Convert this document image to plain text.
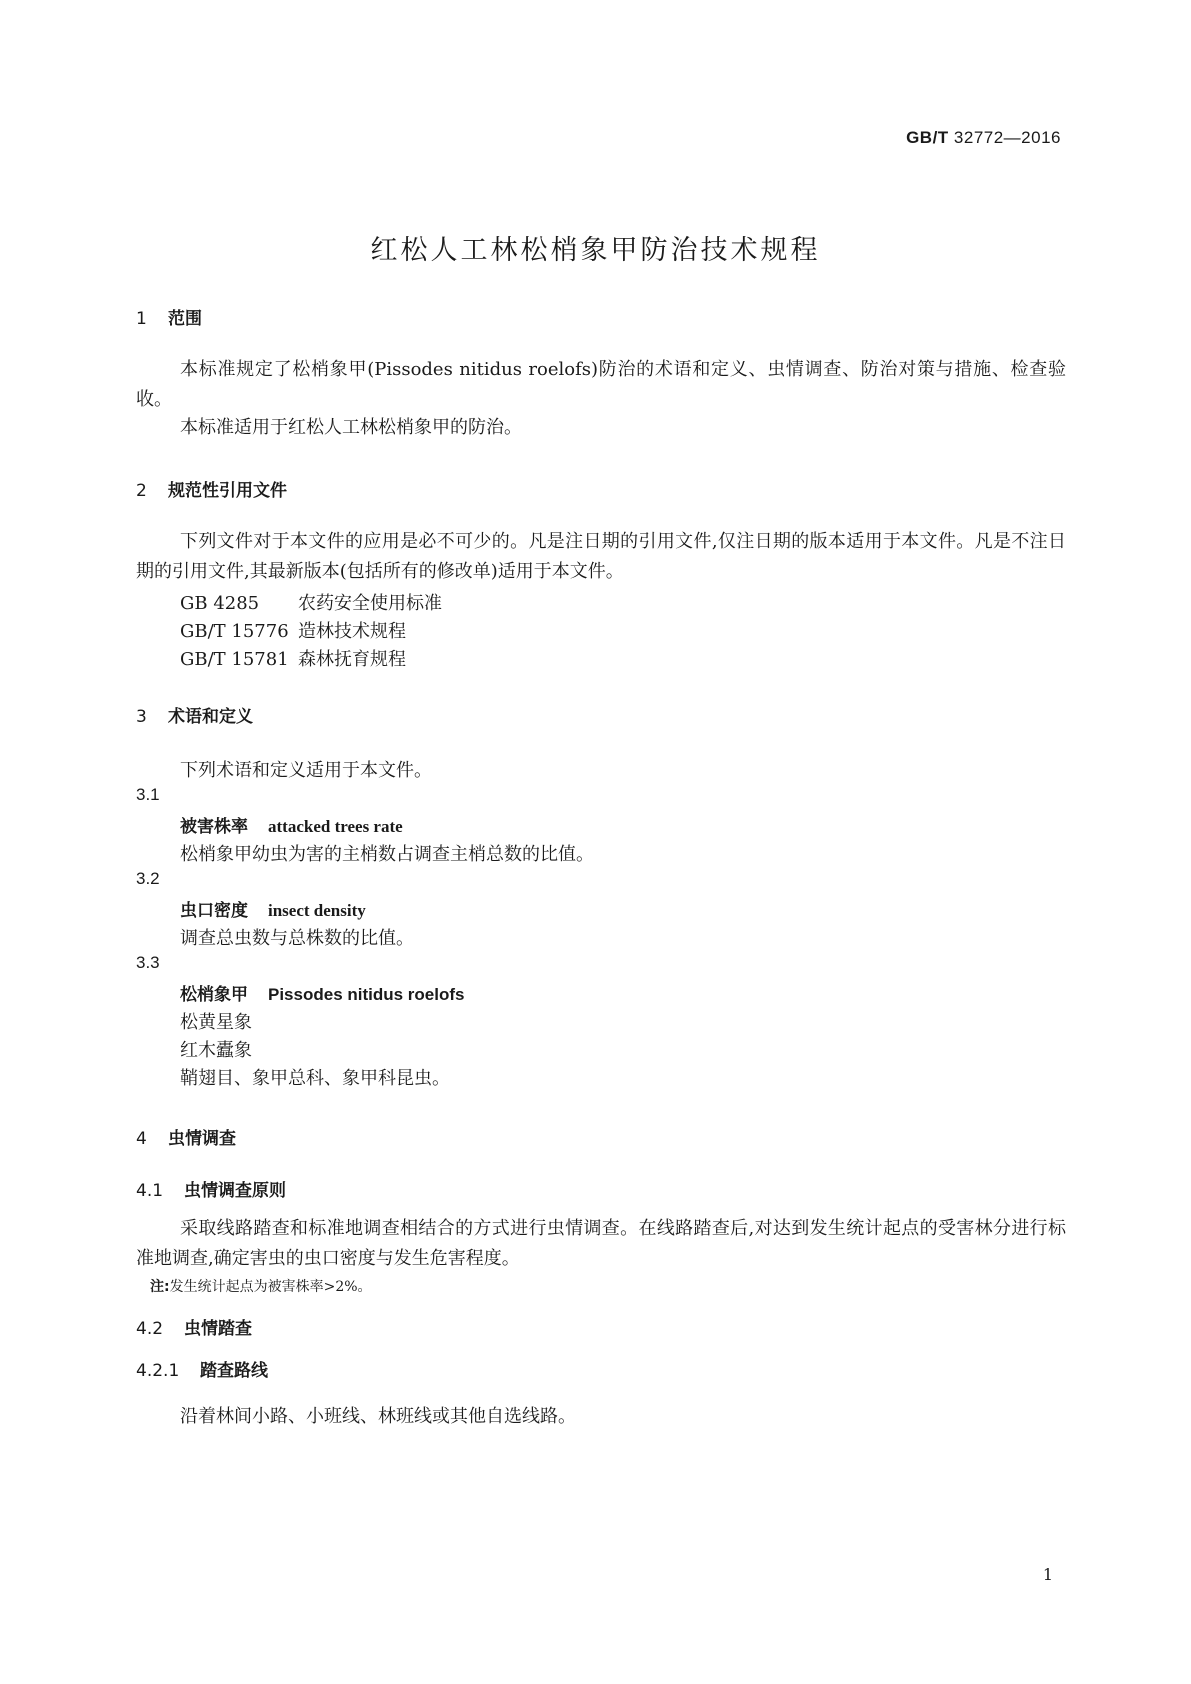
GB/T 32772—2016
红松人工林松梢象甲防治技术规程
1 范围
本标准规定了松梢象甲(Pissodes nitidus roelofs)防治的术语和定义、虫情调查、防治对策与措施、检查验收。
本标准适用于红松人工林松梢象甲的防治。
2 规范性引用文件
下列文件对于本文件的应用是必不可少的。凡是注日期的引用文件,仅注日期的版本适用于本文件。凡是不注日期的引用文件,其最新版本(包括所有的修改单)适用于本文件。
GB 4285 农药安全使用标准
GB/T 15776 造林技术规程
GB/T 15781 森林抚育规程
3 术语和定义
下列术语和定义适用于本文件。
3.1
被害株率 attacked trees rate
松梢象甲幼虫为害的主梢数占调查主梢总数的比值。
3.2
虫口密度 insect density
调查总虫数与总株数的比值。
3.3
松梢象甲 Pissodes nitidus roelofs
松黄星象
红木蠹象
鞘翅目、象甲总科、象甲科昆虫。
4 虫情调查
4.1 虫情调查原则
采取线路踏查和标准地调查相结合的方式进行虫情调查。在线路踏查后,对达到发生统计起点的受害林分进行标准地调查,确定害虫的虫口密度与发生危害程度。
注:发生统计起点为被害株率>2%。
4.2 虫情踏查
4.2.1 踏查路线
沿着林间小路、小班线、林班线或其他自选线路。
1
